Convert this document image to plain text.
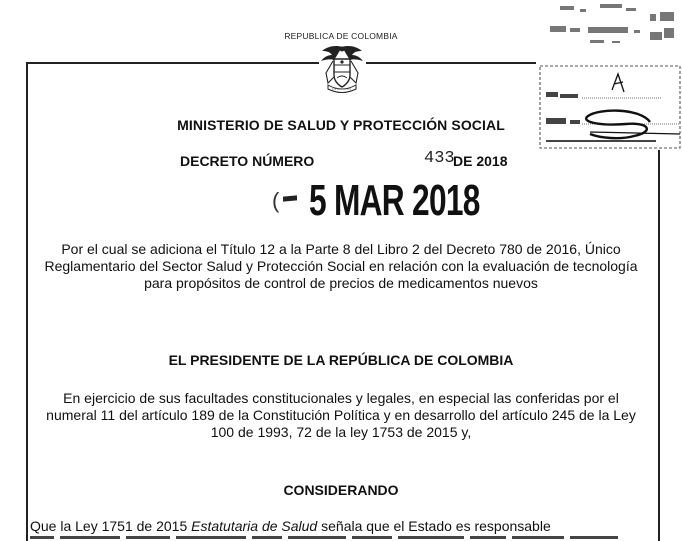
REPUBLICA DE COLOMBIA
MINISTERIO DE SALUD Y PROTECCIÓN SOCIAL
DECRETO NÚMERO	433
DE 2018
( 5 MAR 2018
Por el cual se adiciona el Título 12 a la Parte 8 del Libro 2 del Decreto 780 de 2016, Único Reglamentario del Sector Salud y Protección Social en relación con la evaluación de tecnología para propósitos de control de precios de medicamentos nuevos
EL PRESIDENTE DE LA REPÚBLICA DE COLOMBIA
En ejercicio de sus facultades constitucionales y legales, en especial las conferidas por el numeral 11 del artículo 189 de la Constitución Política y en desarrollo del artículo 245 de la Ley 100 de 1993, 72 de la ley 1753 de 2015 y,
CONSIDERANDO
Que la Ley 1751 de 2015 Estatutaria de Salud señala que el Estado es responsable
